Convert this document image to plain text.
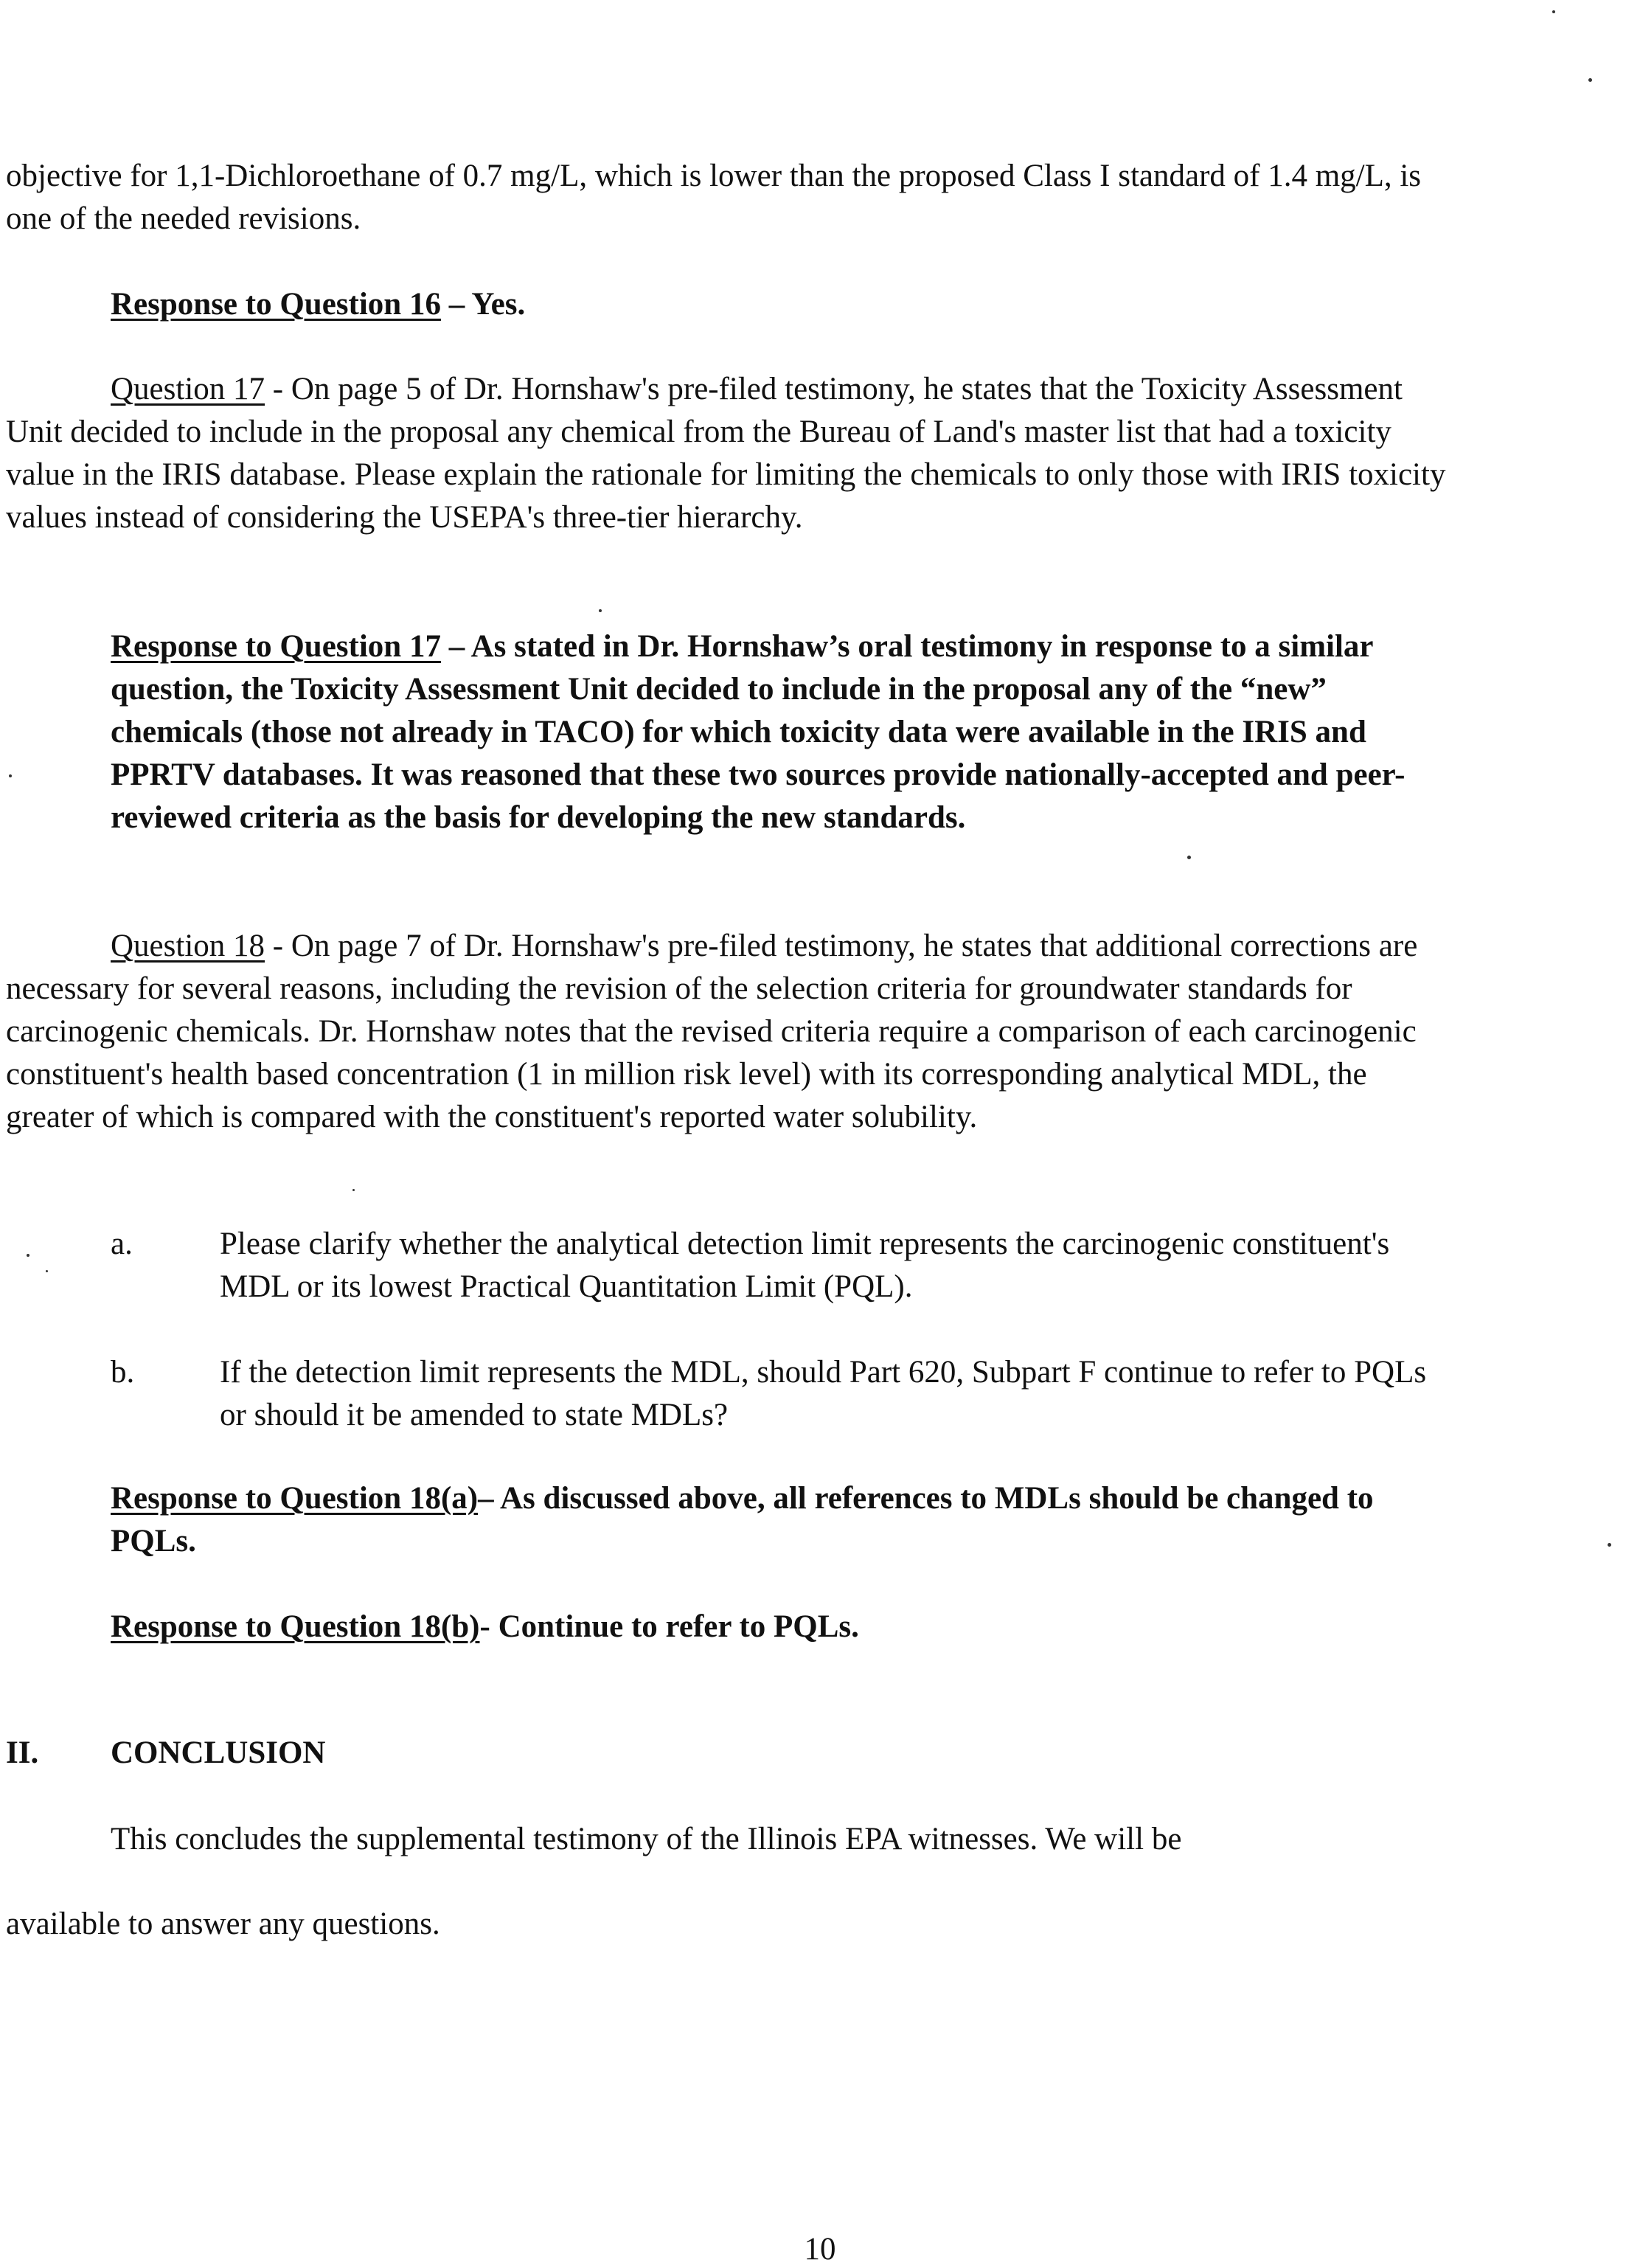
objective for 1,1-Dichloroethane of 0.7 mg/L, which is lower than the proposed Class I standard of 1.4 mg/L, is one of the needed revisions.
Response to Question 16 – Yes.
Question 17 - On page 5 of Dr. Hornshaw's pre-filed testimony, he states that the Toxicity Assessment Unit decided to include in the proposal any chemical from the Bureau of Land's master list that had a toxicity value in the IRIS database. Please explain the rationale for limiting the chemicals to only those with IRIS toxicity values instead of considering the USEPA's three-tier hierarchy.
Response to Question 17 – As stated in Dr. Hornshaw’s oral testimony in response to a similar question, the Toxicity Assessment Unit decided to include in the proposal any of the “new” chemicals (those not already in TACO) for which toxicity data were available in the IRIS and PPRTV databases. It was reasoned that these two sources provide nationally-accepted and peer-reviewed criteria as the basis for developing the new standards.
Question 18 - On page 7 of Dr. Hornshaw's pre-filed testimony, he states that additional corrections are necessary for several reasons, including the revision of the selection criteria for groundwater standards for carcinogenic chemicals. Dr. Hornshaw notes that the revised criteria require a comparison of each carcinogenic constituent's health based concentration (1 in million risk level) with its corresponding analytical MDL, the greater of which is compared with the constituent's reported water solubility.
a.	Please clarify whether the analytical detection limit represents the carcinogenic constituent's MDL or its lowest Practical Quantitation Limit (PQL).
b.	If the detection limit represents the MDL, should Part 620, Subpart F continue to refer to PQLs or should it be amended to state MDLs?
Response to Question 18(a)– As discussed above, all references to MDLs should be changed to PQLs.
Response to Question 18(b)- Continue to refer to PQLs.
II. CONCLUSION
This concludes the supplemental testimony of the Illinois EPA witnesses. We will be
available to answer any questions.
10
